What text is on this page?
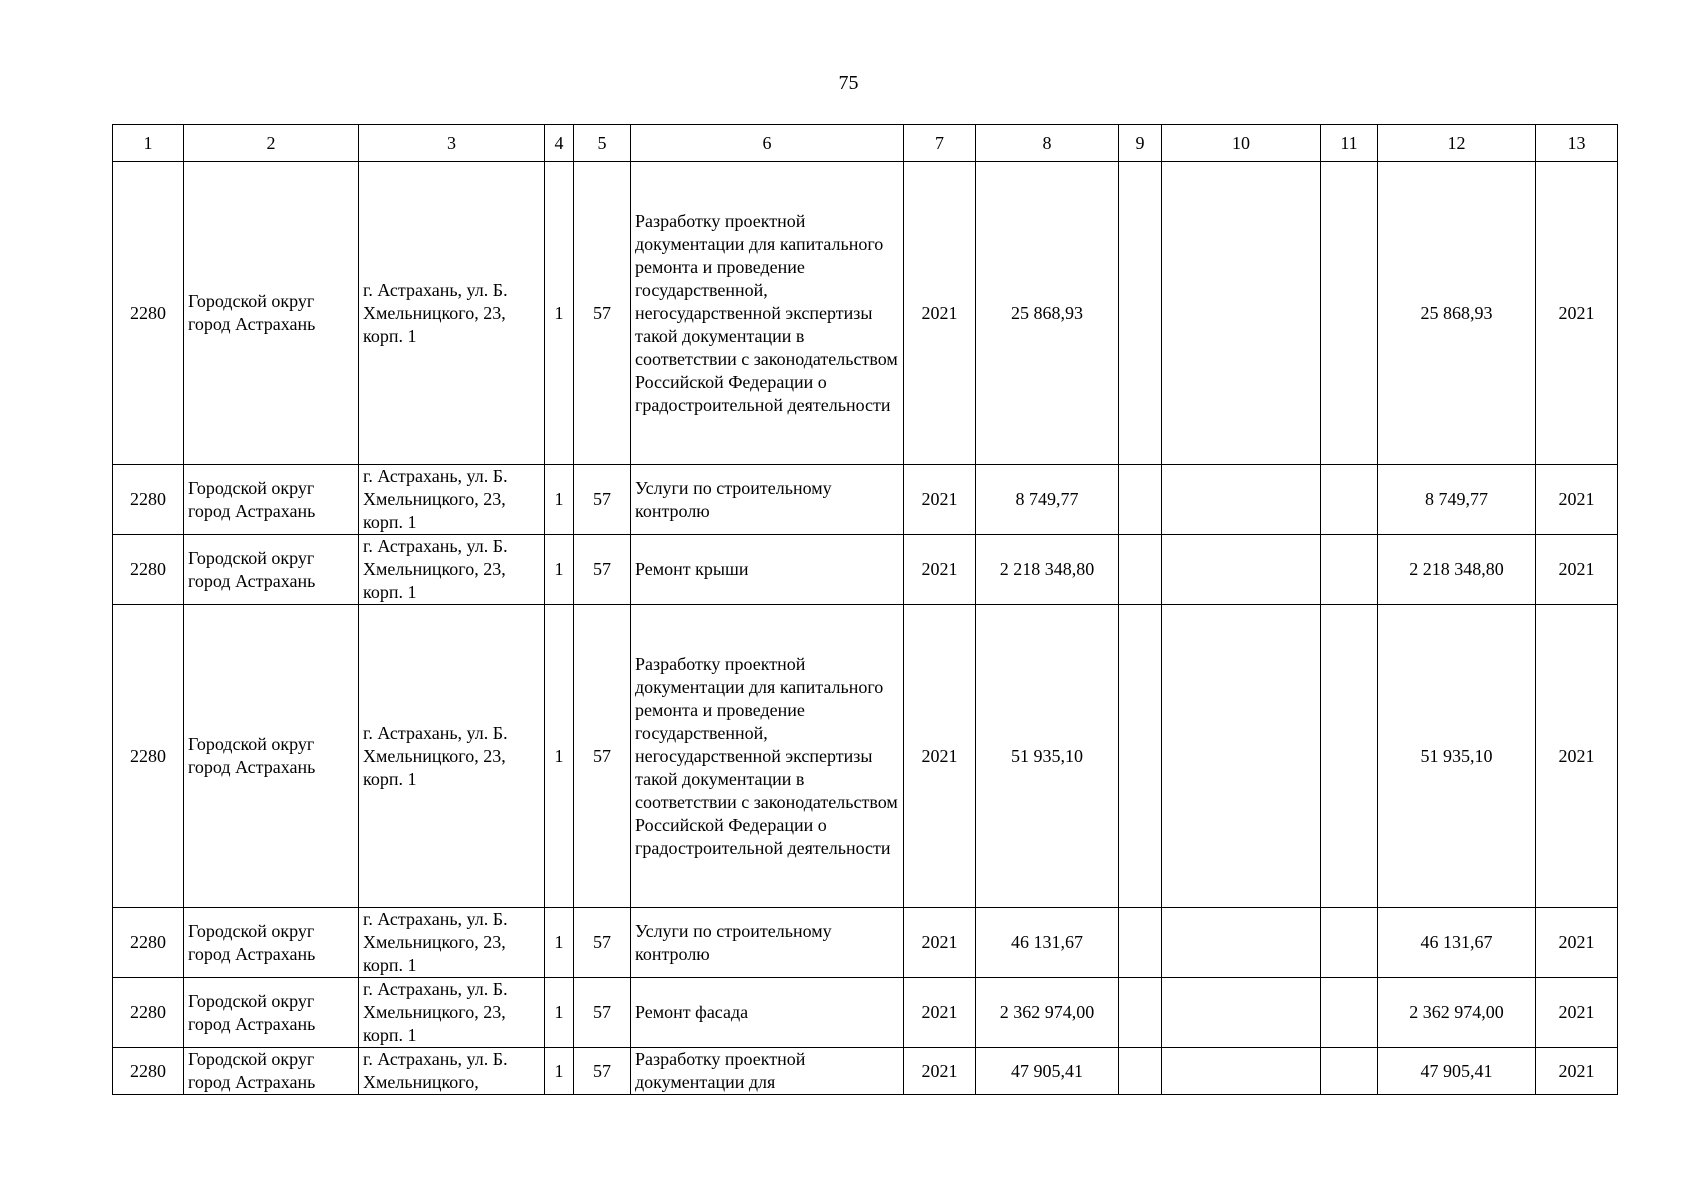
75
1	2	3	4	5	6	7	8	9	10	11	12	13
2280	Городской округ город Астрахань	г. Астрахань, ул. Б. Хмельницкого, 23, корп. 1	1	57	Разработку проектной документации для капитального ремонта и проведение государственной, негосударственной экспертизы такой документации в соответствии с законодательством Российской Федерации о градостроительной деятельности	2021	25 868,93				25 868,93	2021
2280	Городской округ город Астрахань	г. Астрахань, ул. Б. Хмельницкого, 23, корп. 1	1	57	Услуги по строительному контролю	2021	8 749,77				8 749,77	2021
2280	Городской округ город Астрахань	г. Астрахань, ул. Б. Хмельницкого, 23, корп. 1	1	57	Ремонт крыши	2021	2 218 348,80				2 218 348,80	2021
2280	Городской округ город Астрахань	г. Астрахань, ул. Б. Хмельницкого, 23, корп. 1	1	57	Разработку проектной документации для капитального ремонта и проведение государственной, негосударственной экспертизы такой документации в соответствии с законодательством Российской Федерации о градостроительной деятельности	2021	51 935,10				51 935,10	2021
2280	Городской округ город Астрахань	г. Астрахань, ул. Б. Хмельницкого, 23, корп. 1	1	57	Услуги по строительному контролю	2021	46 131,67				46 131,67	2021
2280	Городской округ город Астрахань	г. Астрахань, ул. Б. Хмельницкого, 23, корп. 1	1	57	Ремонт фасада	2021	2 362 974,00				2 362 974,00	2021
2280	Городской округ город Астрахань	г. Астрахань, ул. Б. Хмельницкого,	1	57	Разработку проектной документации для	2021	47 905,41				47 905,41	2021
